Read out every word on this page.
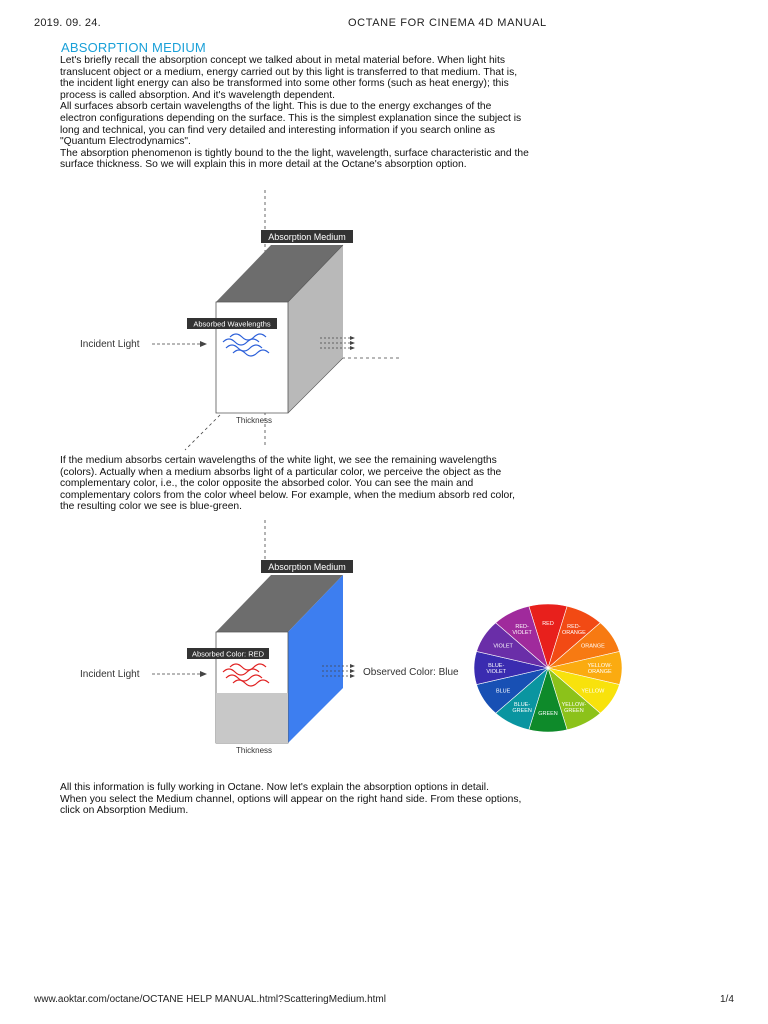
2019. 09. 24.	OCTANE FOR CINEMA 4D MANUAL
ABSORPTION MEDIUM

Let's briefly recall the absorption concept we talked about in metal material before. When light hits
translucent object or a medium, energy carried out by this light is transferred to that medium. That is,
the incident light energy can also be transformed into some other forms (such as heat energy); this
process is called absorption. And it's wavelength dependent.
All surfaces absorb certain wavelengths of the light. This is due to the energy exchanges of the
electron configurations depending on the surface. This is the simplest explanation since the subject is
long and technical, you can find very detailed and interesting information if you search online as
"Quantum Electrodynamics".
The absorption phenomenon is tightly bound to the the light, wavelength, surface characteristic and the
surface thickness. So we will explain this in more detail at the Octane's absorption option.

Absorption Medium
Absorbed Wavelengths
Incident Light
Thickness

If the medium absorbs certain wavelengths of the white light, we see the remaining wavelengths
(colors). Actually when a medium absorbs light of a particular color, we perceive the object as the
complementary color, i.e., the color opposite the absorbed color. You can see the main and
complementary colors from the color wheel below. For example, when the medium absorb red color,
the resulting color we see is blue-green.

Absorption Medium
Absorbed Color: RED
Incident Light	Observed Color: Blue
Thickness
RED	RED-ORANGE
ORANGE
YELLOW-ORANGE
YELLOW
YELLOW-GREEN
GREEN
BLUE-GREEN
BLUE
BLUE-VIOLET
VIOLET
RED-VIOLET

All this information is fully working in Octane. Now let's explain the absorption options in detail.
When you select the Medium channel, options will appear on the right hand side. From these options,
click on Absorption Medium.

www.aoktar.com/octane/OCTANE HELP MANUAL.html?ScatteringMedium.html	1/4
